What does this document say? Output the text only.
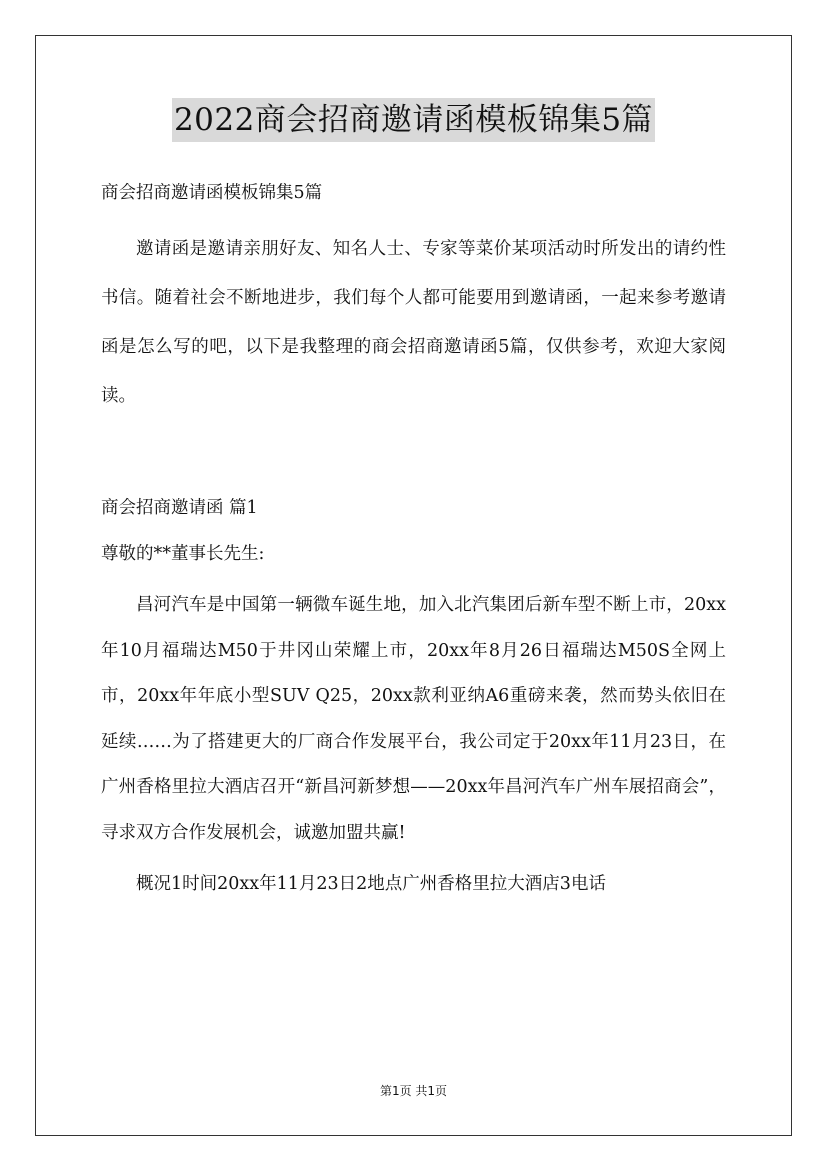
2022商会招商邀请函模板锦集5篇
商会招商邀请函模板锦集5篇
邀请函是邀请亲朋好友、知名人士、专家等菜价某项活动时所发出的请约性书信。随着社会不断地进步，我们每个人都可能要用到邀请函，一起来参考邀请函是怎么写的吧，以下是我整理的商会招商邀请函5篇，仅供参考，欢迎大家阅读。
商会招商邀请函 篇1
尊敬的**董事长先生:
昌河汽车是中国第一辆微车诞生地，加入北汽集团后新车型不断上市，20xx年10月福瑞达M50于井冈山荣耀上市，20xx年8月26日福瑞达M50S全网上市，20xx年年底小型SUV Q25，20xx款利亚纳A6重磅来袭，然而势头依旧在延续……为了搭建更大的厂商合作发展平台，我公司定于20xx年11月23日，在广州香格里拉大酒店召开“新昌河新梦想——20xx年昌河汽车广州车展招商会”，寻求双方合作发展机会，诚邀加盟共赢!
概况1时间20xx年11月23日2地点广州香格里拉大酒店3电话
第1页 共1页
